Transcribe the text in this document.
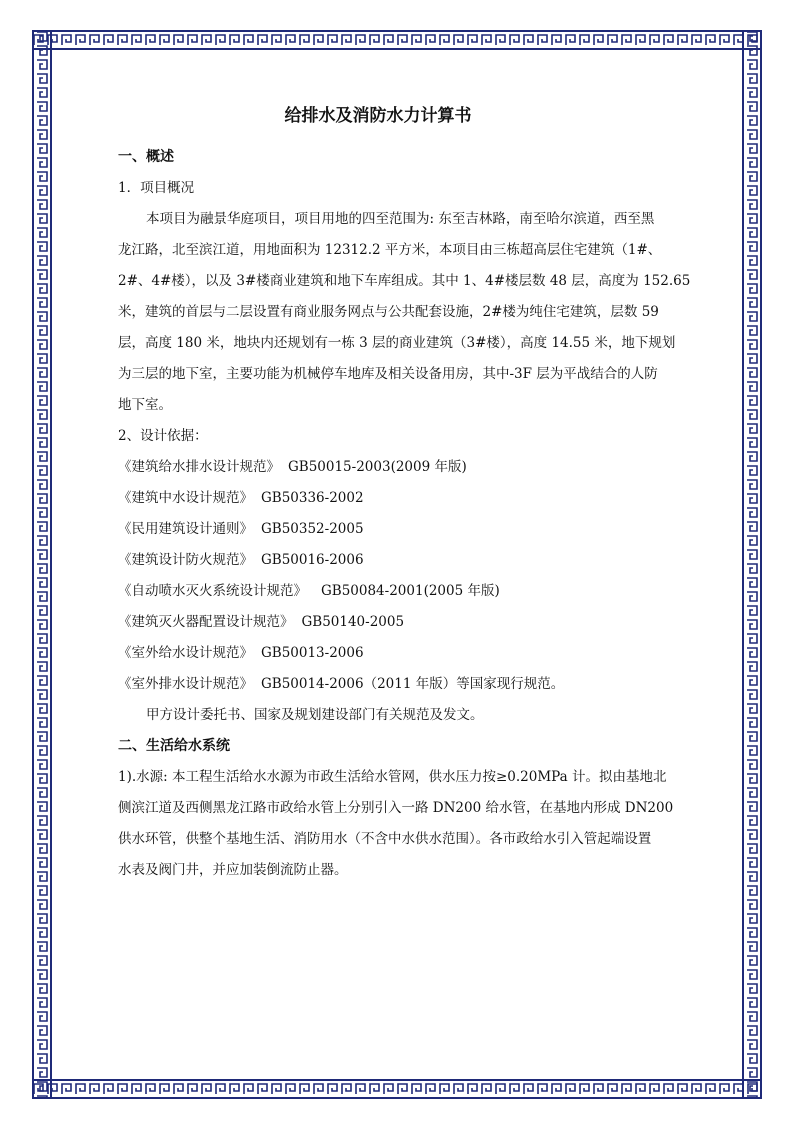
给排水及消防水力计算书
一、概述
1．项目概况
本项目为融景华庭项目，项目用地的四至范围为: 东至吉林路，南至哈尔滨道，西至黑
龙江路，北至滨江道，用地面积为 12312.2 平方米，本项目由三栋超高层住宅建筑（1#、
2#、4#楼），以及 3#楼商业建筑和地下车库组成。其中 1、4#楼层数 48 层，高度为 152.65
米，建筑的首层与二层设置有商业服务网点与公共配套设施，2#楼为纯住宅建筑，层数 59
层，高度 180 米，地块内还规划有一栋 3 层的商业建筑（3#楼），高度 14.55 米，地下规划
为三层的地下室，主要功能为机械停车地库及相关设备用房，其中-3F 层为平战结合的人防
地下室。
2、设计依据：
《建筑给水排水设计规范》 GB50015-2003(2009 年版)
《建筑中水设计规范》 GB50336-2002
《民用建筑设计通则》 GB50352-2005
《建筑设计防火规范》 GB50016-2006
《自动喷水灭火系统设计规范》 GB50084-2001(2005 年版)
《建筑灭火器配置设计规范》 GB50140-2005
《室外给水设计规范》 GB50013-2006
《室外排水设计规范》 GB50014-2006（2011 年版）等国家现行规范。
甲方设计委托书、国家及规划建设部门有关规范及发文。
二、生活给水系统
1).水源: 本工程生活给水水源为市政生活给水管网，供水压力按≥0.20MPa 计。拟由基地北
侧滨江道及西侧黑龙江路市政给水管上分别引入一路 DN200 给水管，在基地内形成 DN200
供水环管，供整个基地生活、消防用水（不含中水供水范围）。各市政给水引入管起端设置
水表及阀门井，并应加装倒流防止器。
